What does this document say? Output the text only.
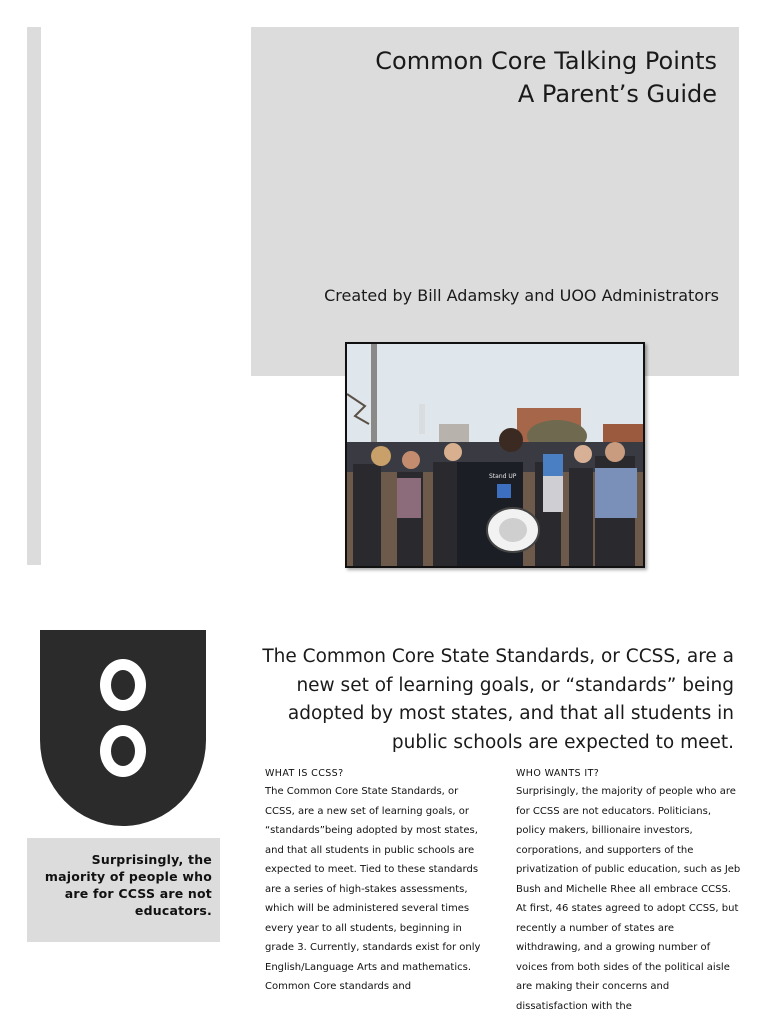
Common Core Talking Points
A Parent’s Guide
Created by Bill Adamsky and UOO Administrators
Stand UP
Surprisingly, the majority of people who are for CCSS are not educators.

The Common Core State Standards, or CCSS, are a new set of learning goals, or “standards” being adopted by most states, and that all students in public schools are expected to meet.

WHAT IS CCSS?

The Common Core State Standards, or CCSS, are a new set of learning goals, or “standards”being adopted by most states, and that all students in public schools are expected to meet. Tied to these standards are a series of high-stakes assessments, which will be administered several times every year to all students, beginning in grade 3. Currently, standards exist for only English/Language Arts and mathematics. Common Core standards and

WHO WANTS IT?

Surprisingly, the majority of people who are for CCSS are not educators. Politicians, policy makers, billionaire investors, corporations, and supporters of the privatization of public education, such as Jeb Bush and Michelle Rhee all embrace CCSS. At first, 46 states agreed to adopt CCSS, but recently a number of states are withdrawing, and a growing number of voices from both sides of the political aisle are making their concerns and dissatisfaction with the
